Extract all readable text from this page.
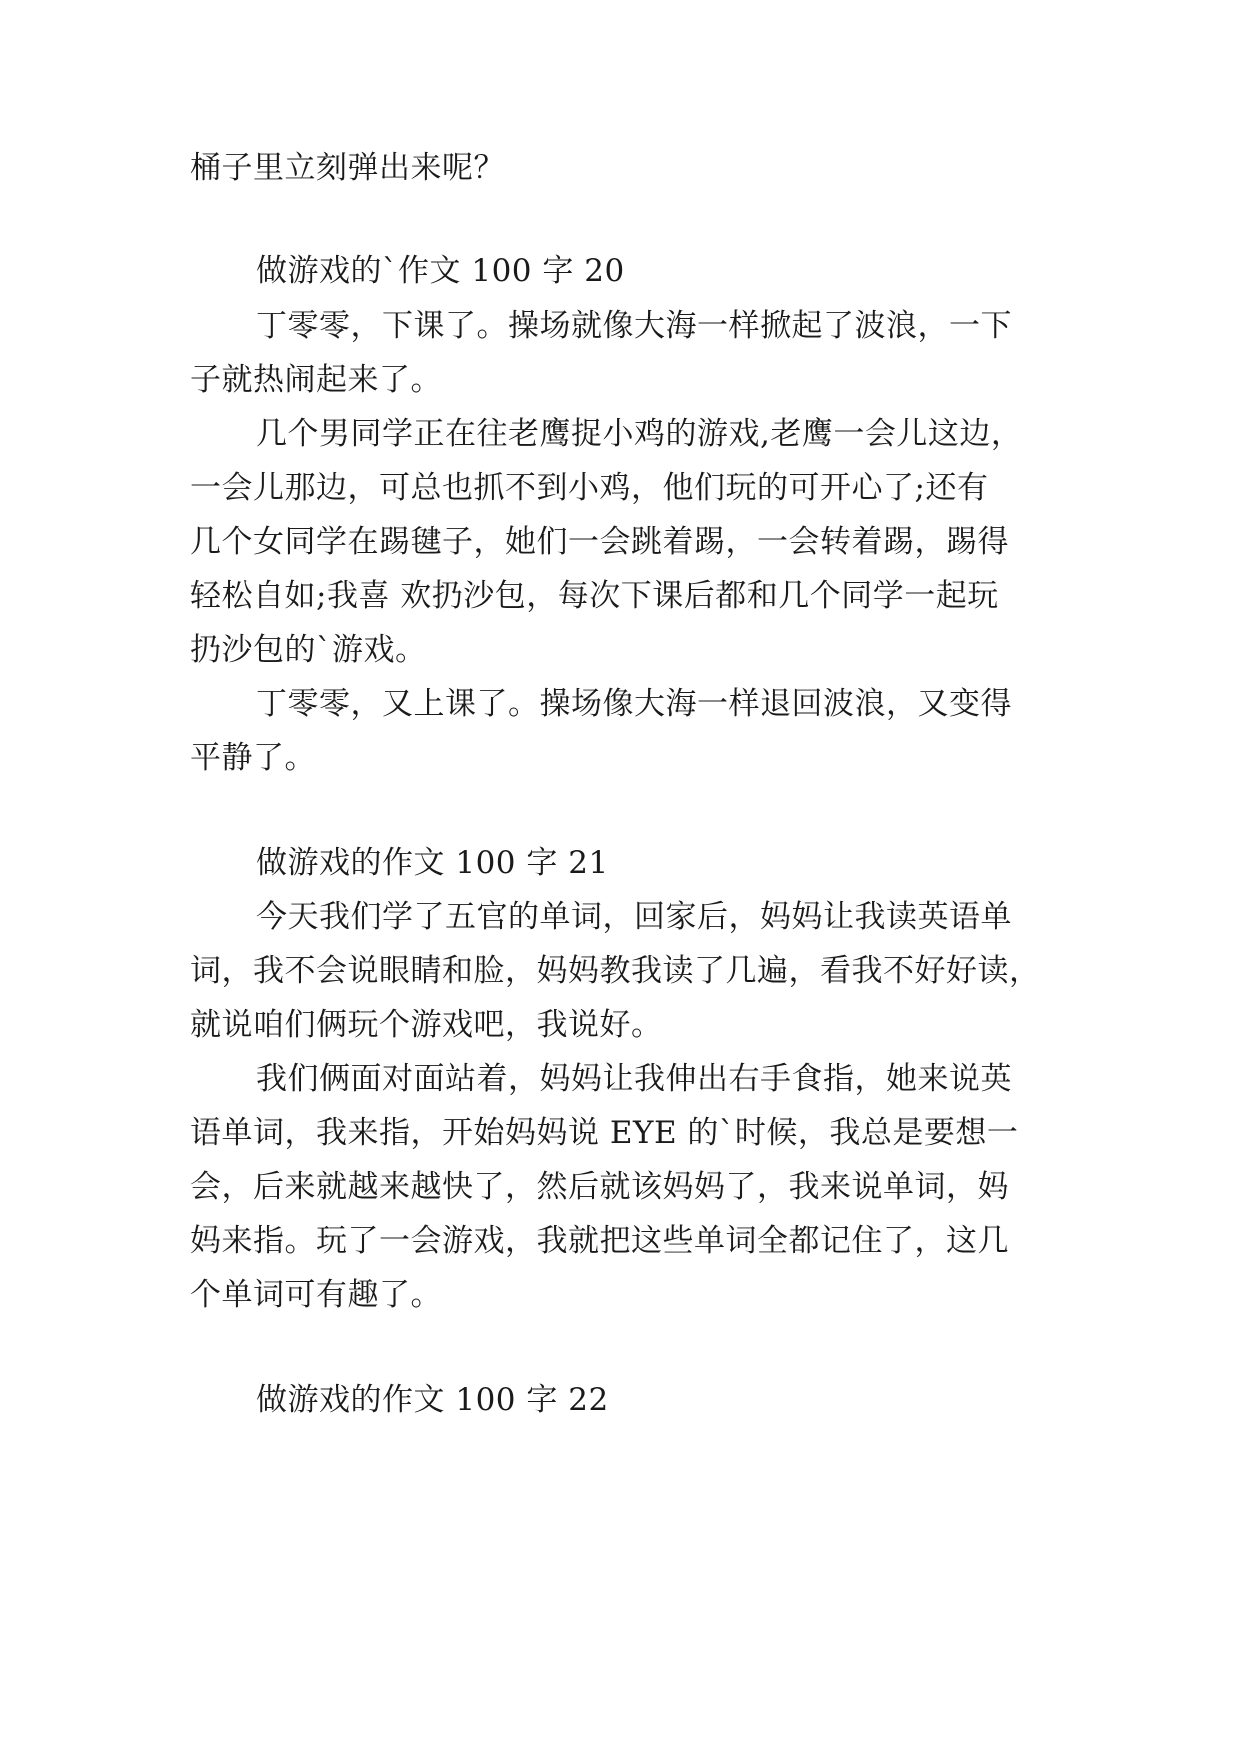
桶子里立刻弹出来呢？
做游戏的`作文 100 字 20
丁零零，下课了。操场就像大海一样掀起了波浪，一下
子就热闹起来了。
几个男同学正在往老鹰捉小鸡的游戏,老鹰一会儿这边，
一会儿那边，可总也抓不到小鸡，他们玩的可开心了;还有
几个女同学在踢毽子，她们一会跳着踢，一会转着踢，踢得
轻松自如;我喜 欢扔沙包，每次下课后都和几个同学一起玩
扔沙包的`游戏。
丁零零，又上课了。操场像大海一样退回波浪，又变得
平静了。
做游戏的作文 100 字 21
今天我们学了五官的单词，回家后，妈妈让我读英语单
词，我不会说眼睛和脸，妈妈教我读了几遍，看我不好好读，
就说咱们俩玩个游戏吧，我说好。
我们俩面对面站着，妈妈让我伸出右手食指，她来说英
语单词，我来指，开始妈妈说 EYE 的`时候，我总是要想一
会，后来就越来越快了，然后就该妈妈了，我来说单词，妈
妈来指。玩了一会游戏，我就把这些单词全都记住了，这几
个单词可有趣了。
做游戏的作文 100 字 22
